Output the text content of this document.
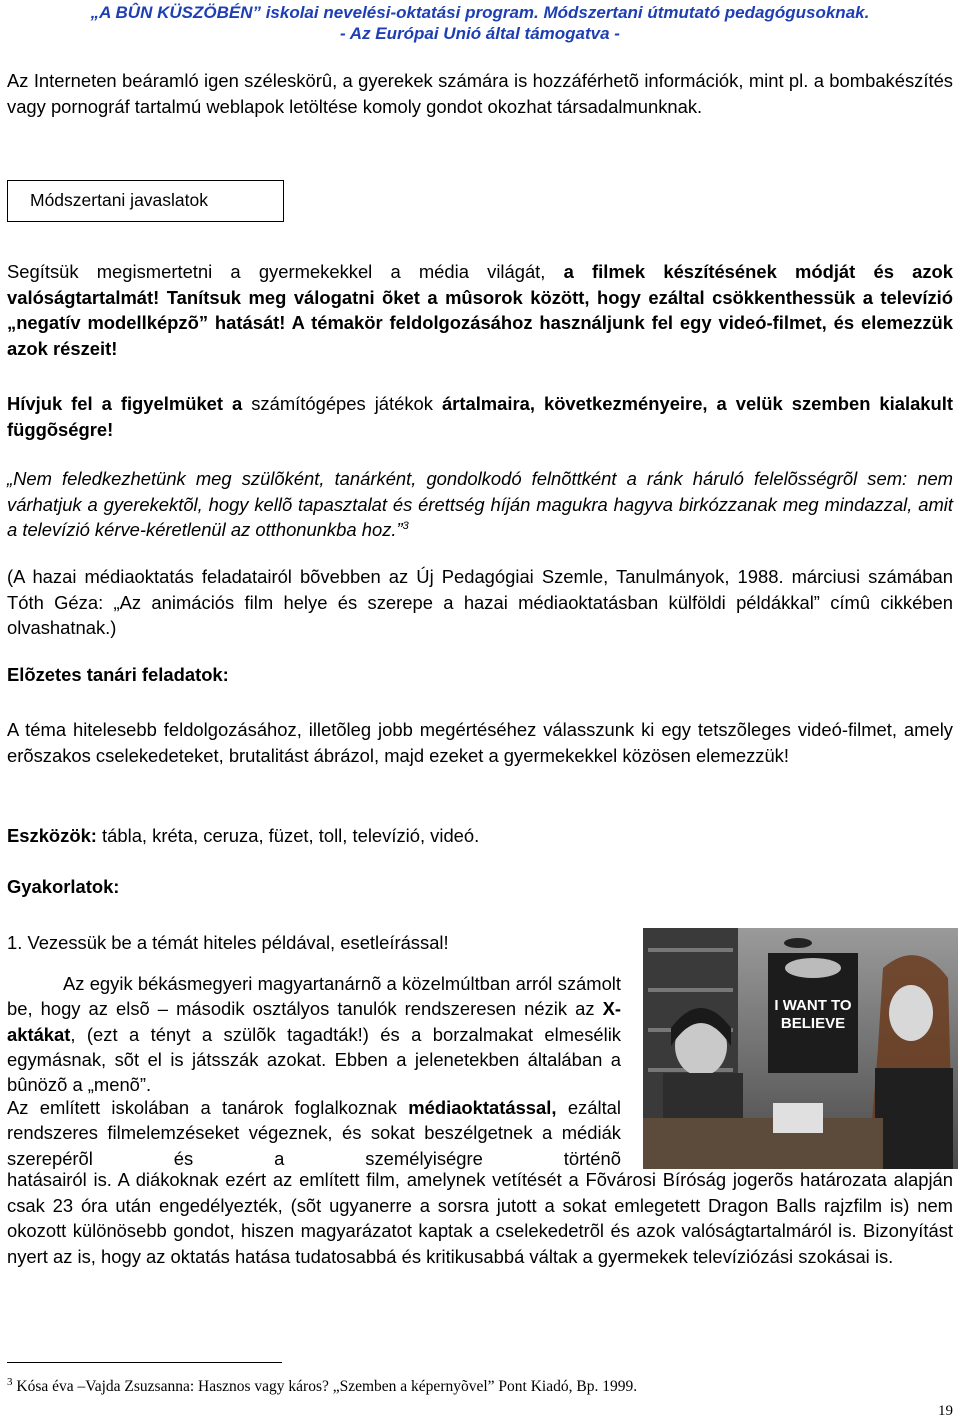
„A BÛN KÜSZÖBÉN” iskolai nevelési-oktatási program. Módszertani útmutató pedagógusoknak.
- Az Európai Unió által támogatva -

Az Interneten beáramló igen széleskörû, a gyerekek számára is hozzáférhetõ információk, mint pl. a bombakészítés vagy pornográf tartalmú weblapok letöltése komoly gondot okozhat társadalmunknak.

Módszertani javaslatok

Segítsük megismertetni a gyermekekkel a média világát, a filmek készítésének módját és azok valóságtartalmát! Tanítsuk meg válogatni õket a mûsorok között, hogy ezáltal csökkenthessük a televízió „negatív modellképzõ” hatását! A témakör feldolgozásához használjunk fel egy videó-filmet, és elemezzük azok részeit!

Hívjuk fel a figyelmüket a számítógépes játékok ártalmaira, következményeire, a velük szemben kialakult függõségre!

„Nem feledkezhetünk meg szülõként, tanárként, gondolkodó felnõttként a ránk háruló felelõsségrõl sem: nem várhatjuk a gyerekektõl, hogy kellõ tapasztalat és érettség híján magukra hagyva birkózzanak meg mindazzal, amit a televízió kérve-kéretlenül az otthonunkba hoz.”$^3$

(A hazai médiaoktatás feladatairól bõvebben az Új Pedagógiai Szemle, Tanulmányok, 1988. márciusi számában Tóth Géza: „Az animációs film helye és szerepe a hazai médiaoktatásban külföldi példákkal” címû cikkében olvashatnak.)

Elõzetes tanári feladatok:

A téma hitelesebb feldolgozásához, illetõleg jobb megértéséhez válasszunk ki egy tetszõleges videó-filmet, amely erõszakos cselekedeteket, brutalitást ábrázol, majd ezeket a gyermekekkel közösen elemezzük!

Eszközök: tábla, kréta, ceruza, füzet, toll, televízió, videó.

Gyakorlatok:

1. Vezessük be a témát hiteles példával, esetleírással!

Az egyik békásmegyeri magyartanárnõ a közelmúltban arról számolt be, hogy az elsõ – második osztályos tanulók rendszeresen nézik az X-aktákat, (ezt a tényt a szülõk tagadták!) és a borzalmakat elmesélik egymásnak, sõt el is játsszák azokat. Ebben a jelenetekben általában a bûnözõ a „menõ”.

Az említett iskolában a tanárok foglalkoznak médiaoktatással, ezáltal rendszeres filmelemzéseket végeznek, és sokat beszélgetnek a médiák szerepérõl és a személyiségre történõ

hatásairól is. A diákoknak ezért az említett film, amelynek vetítését a Fõvárosi Bíróság jogerõs határozata alapján csak 23 óra után engedélyezték, (sõt ugyanerre a sorsra jutott a sokat emlegetett Dragon Balls rajzfilm is) nem okozott különösebb gondot, hiszen magyarázatot kaptak a cselekedetrõl és azok valóságtartalmáról is. Bizonyítást nyert az is, hogy az oktatás hatása tudatosabbá és kritikusabbá váltak a gyermekek televíziózási szokásai is.

I WANT TO
BELIEVE
$^3$ Kósa éva –Vajda Zsuzsanna: Hasznos vagy káros? „Szemben a képernyõvel” Pont Kiadó, Bp. 1999.
19
